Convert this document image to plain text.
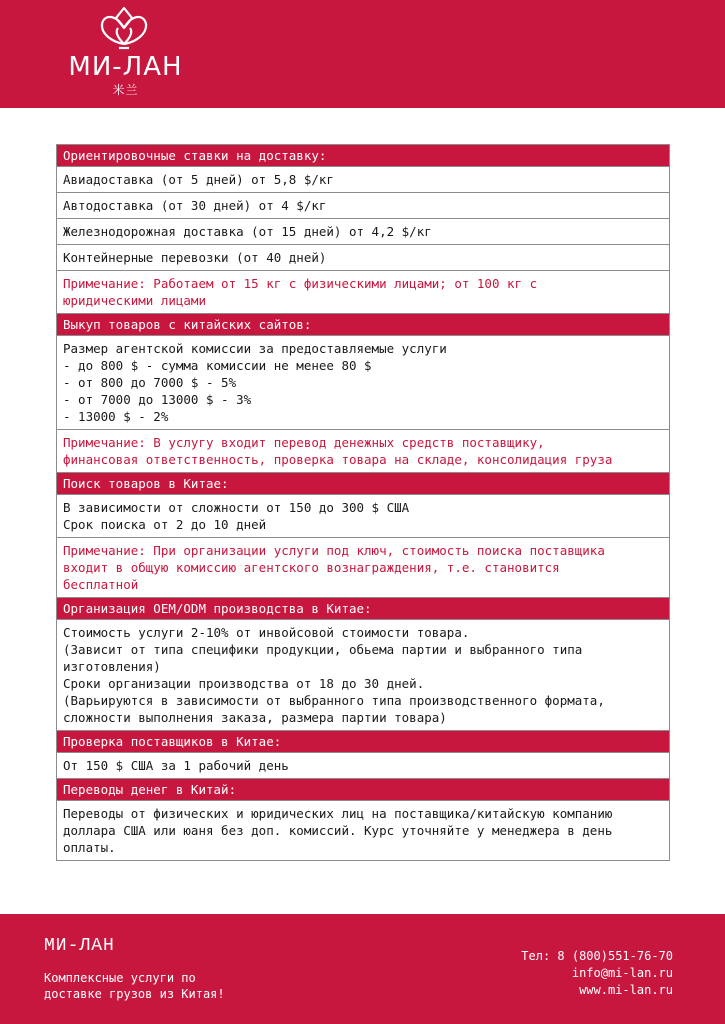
МИ-ЛАН
米兰
Ориентировочные ставки на доставку:
Авиадоставка (от 5 дней) от 5,8 $/кг
Автодоставка (от 30 дней) от 4 $/кг
Железнодорожная доставка (от 15 дней) от 4,2 $/кг
Контейнерные перевозки (от 40 дней)
Примечание: Работаем от 15 кг с физическими лицами; от 100 кг с
юридическими лицами
Выкуп товаров с китайских сайтов:
Размер агентской комиссии за предоставляемые услуги
- до 800 $ - сумма комиссии не менее 80 $
- от 800 до 7000 $ - 5%
- от 7000 до 13000 $ - 3%
- 13000 $ - 2%
Примечание: В услугу входит перевод денежных средств поставщику,
финансовая ответственность, проверка товара на складе, консолидация груза
Поиск товаров в Китае:
В зависимости от сложности от 150 до 300 $ США
Срок поиска от 2 до 10 дней
Примечание: При организации услуги под ключ, стоимость поиска поставщика
входит в общую комиссию агентского вознаграждения, т.е. становится
бесплатной
Организация OEM/ODM производства в Китае:
Стоимость услуги 2-10% от инвойсовой стоимости товара.
(Зависит от типа специфики продукции, обьема партии и выбранного типа
изготовления)
Сроки организации производства от 18 до 30 дней.
(Варьируются в зависимости от выбранного типа производственного формата,
сложности выполнения заказа, размера партии товара)
Проверка поставщиков в Китае:
От 150 $ США за 1 рабочий день
Переводы денег в Китай:
Переводы от физических и юридических лиц на поставщика/китайскую компанию
доллара США или юаня без доп. комиссий. Курс уточняйте у менеджера в день
оплаты.
МИ-ЛАН
Комплексные услуги по
доставке грузов из Китая!
Тел: 8 (800)551-76-70
info@mi-lan.ru
www.mi-lan.ru
